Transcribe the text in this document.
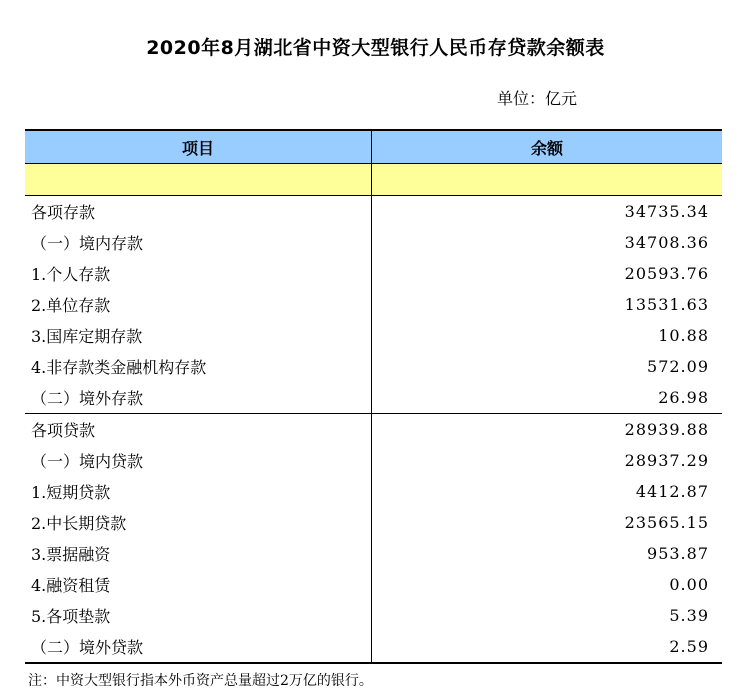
2020年8月湖北省中资大型银行人民币存贷款余额表
单位：亿元
项目	余额
各项存款	34735.34
（一）境内存款	34708.36
1.个人存款	20593.76
2.单位存款	13531.63
3.国库定期存款	10.88
4.非存款类金融机构存款	572.09
（二）境外存款	26.98
各项贷款	28939.88
（一）境内贷款	28937.29
1.短期贷款	4412.87
2.中长期贷款	23565.15
3.票据融资	953.87
4.融资租赁	0.00
5.各项垫款	5.39
（二）境外贷款	2.59
注：中资大型银行指本外币资产总量超过2万亿的银行。
